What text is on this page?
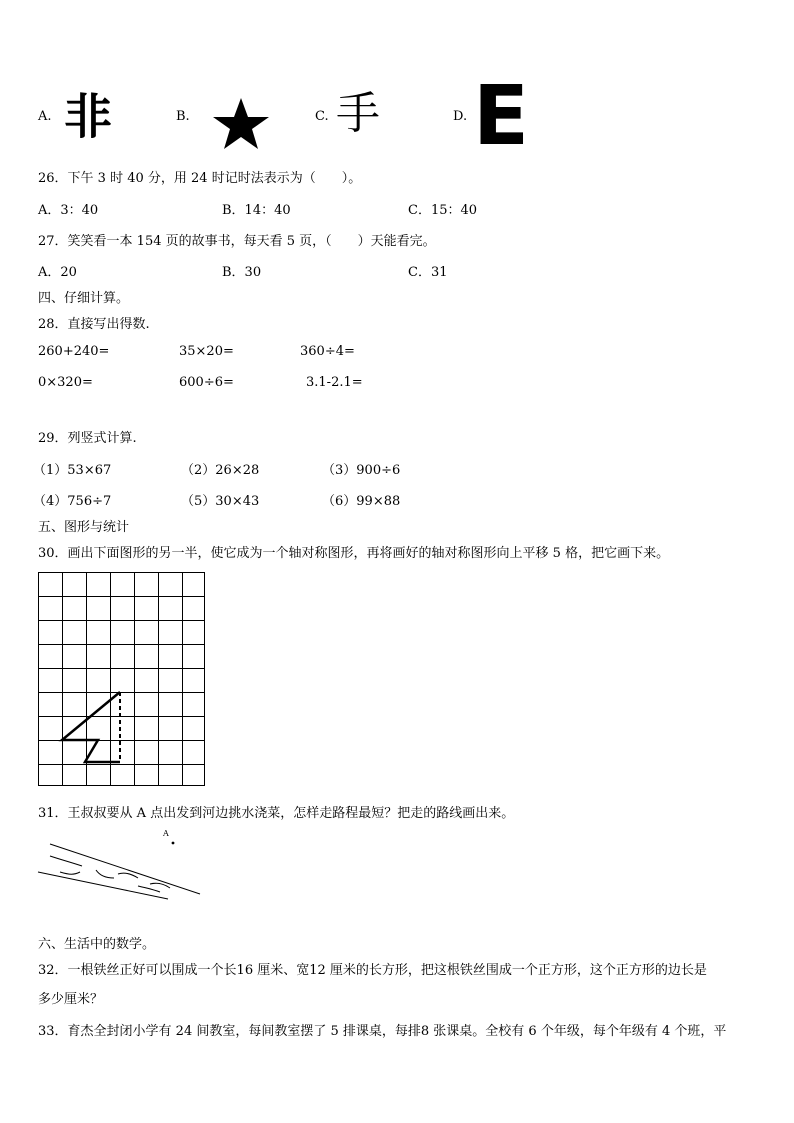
A. 非	B.	C. 手	D. E
26．下午 3 时 40 分，用 24 时记时法表示为（　　）。
A．3：40	B．14：40	C．15：40
27．笑笑看一本 154 页的故事书，每天看 5 页，（　　）天能看完。
A．20	B．30	C．31
四、仔细计算。
28．直接写出得数.
260+240=	35×20=	360÷4=
0×320=	600÷6=	3.1-2.1=
29．列竖式计算.
（1）53×67	（2）26×28	（3）900÷6
（4）756÷7	（5）30×43	（6）99×88
五、图形与统计
30．画出下面图形的另一半，使它成为一个轴对称图形，再将画好的轴对称图形向上平移 5 格，把它画下来。
31．王叔叔要从 A 点出发到河边挑水浇菜，怎样走路程最短？把走的路线画出来。
A
六、生活中的数学。
32．一根铁丝正好可以围成一个长16 厘米、宽12 厘米的长方形，把这根铁丝围成一个正方形，这个正方形的边长是
多少厘米？
33．育杰全封闭小学有 24 间教室，每间教室摆了 5 排课桌，每排8 张课桌。全校有 6 个年级，每个年级有 4 个班，平
